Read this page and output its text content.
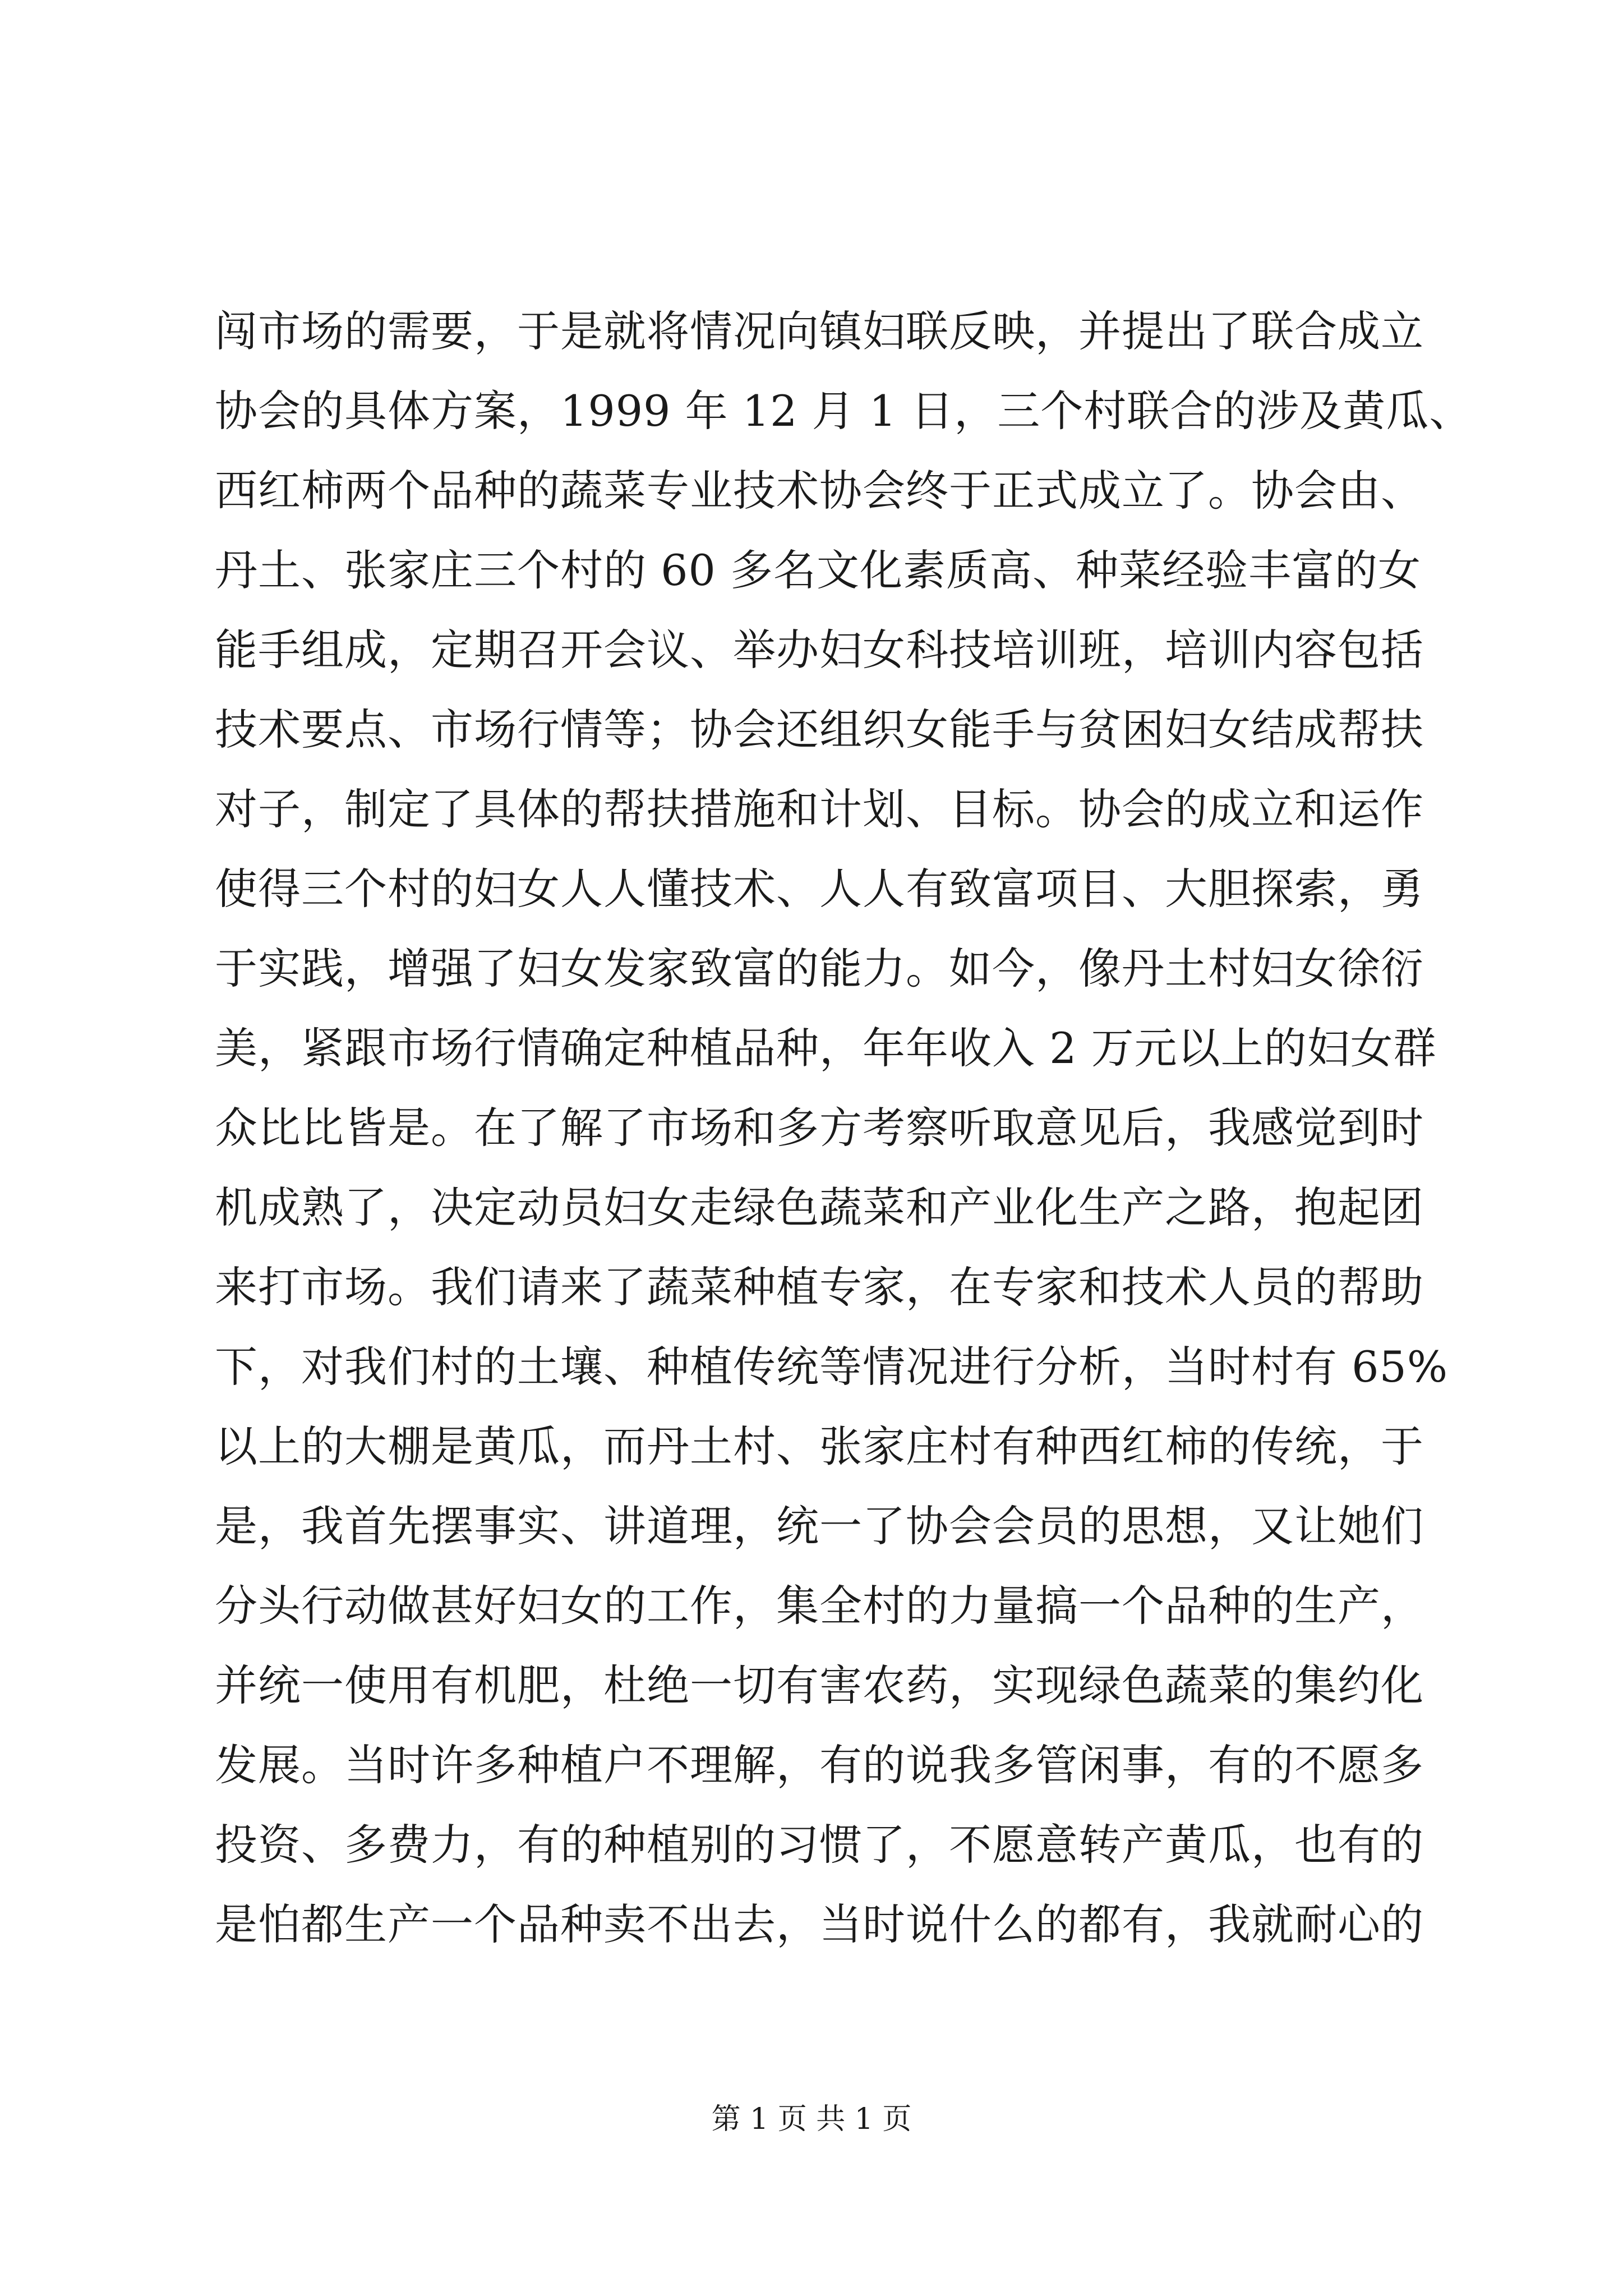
闯市场的需要，于是就将情况向镇妇联反映，并提出了联合成立
协会的具体方案，1999 年 12 月 1 日，三个村联合的涉及黄瓜、
西红柿两个品种的蔬菜专业技术协会终于正式成立了。协会由、
丹土、张家庄三个村的 60 多名文化素质高、种菜经验丰富的女
能手组成，定期召开会议、举办妇女科技培训班，培训内容包括
技术要点、市场行情等；协会还组织女能手与贫困妇女结成帮扶
对子，制定了具体的帮扶措施和计划、目标。协会的成立和运作
使得三个村的妇女人人懂技术、人人有致富项目、大胆探索，勇
于实践，增强了妇女发家致富的能力。如今，像丹土村妇女徐衍
美，紧跟市场行情确定种植品种，年年收入 2 万元以上的妇女群
众比比皆是。在了解了市场和多方考察听取意见后，我感觉到时
机成熟了，决定动员妇女走绿色蔬菜和产业化生产之路，抱起团
来打市场。我们请来了蔬菜种植专家，在专家和技术人员的帮助
下，对我们村的土壤、种植传统等情况进行分析，当时村有 65%
以上的大棚是黄瓜，而丹土村、张家庄村有种西红柿的传统，于
是，我首先摆事实、讲道理，统一了协会会员的思想，又让她们
分头行动做甚好妇女的工作，集全村的力量搞一个品种的生产，
并统一使用有机肥，杜绝一切有害农药，实现绿色蔬菜的集约化
发展。当时许多种植户不理解，有的说我多管闲事，有的不愿多
投资、多费力，有的种植别的习惯了，不愿意转产黄瓜，也有的
是怕都生产一个品种卖不出去，当时说什么的都有，我就耐心的
第 1 页 共 1 页
